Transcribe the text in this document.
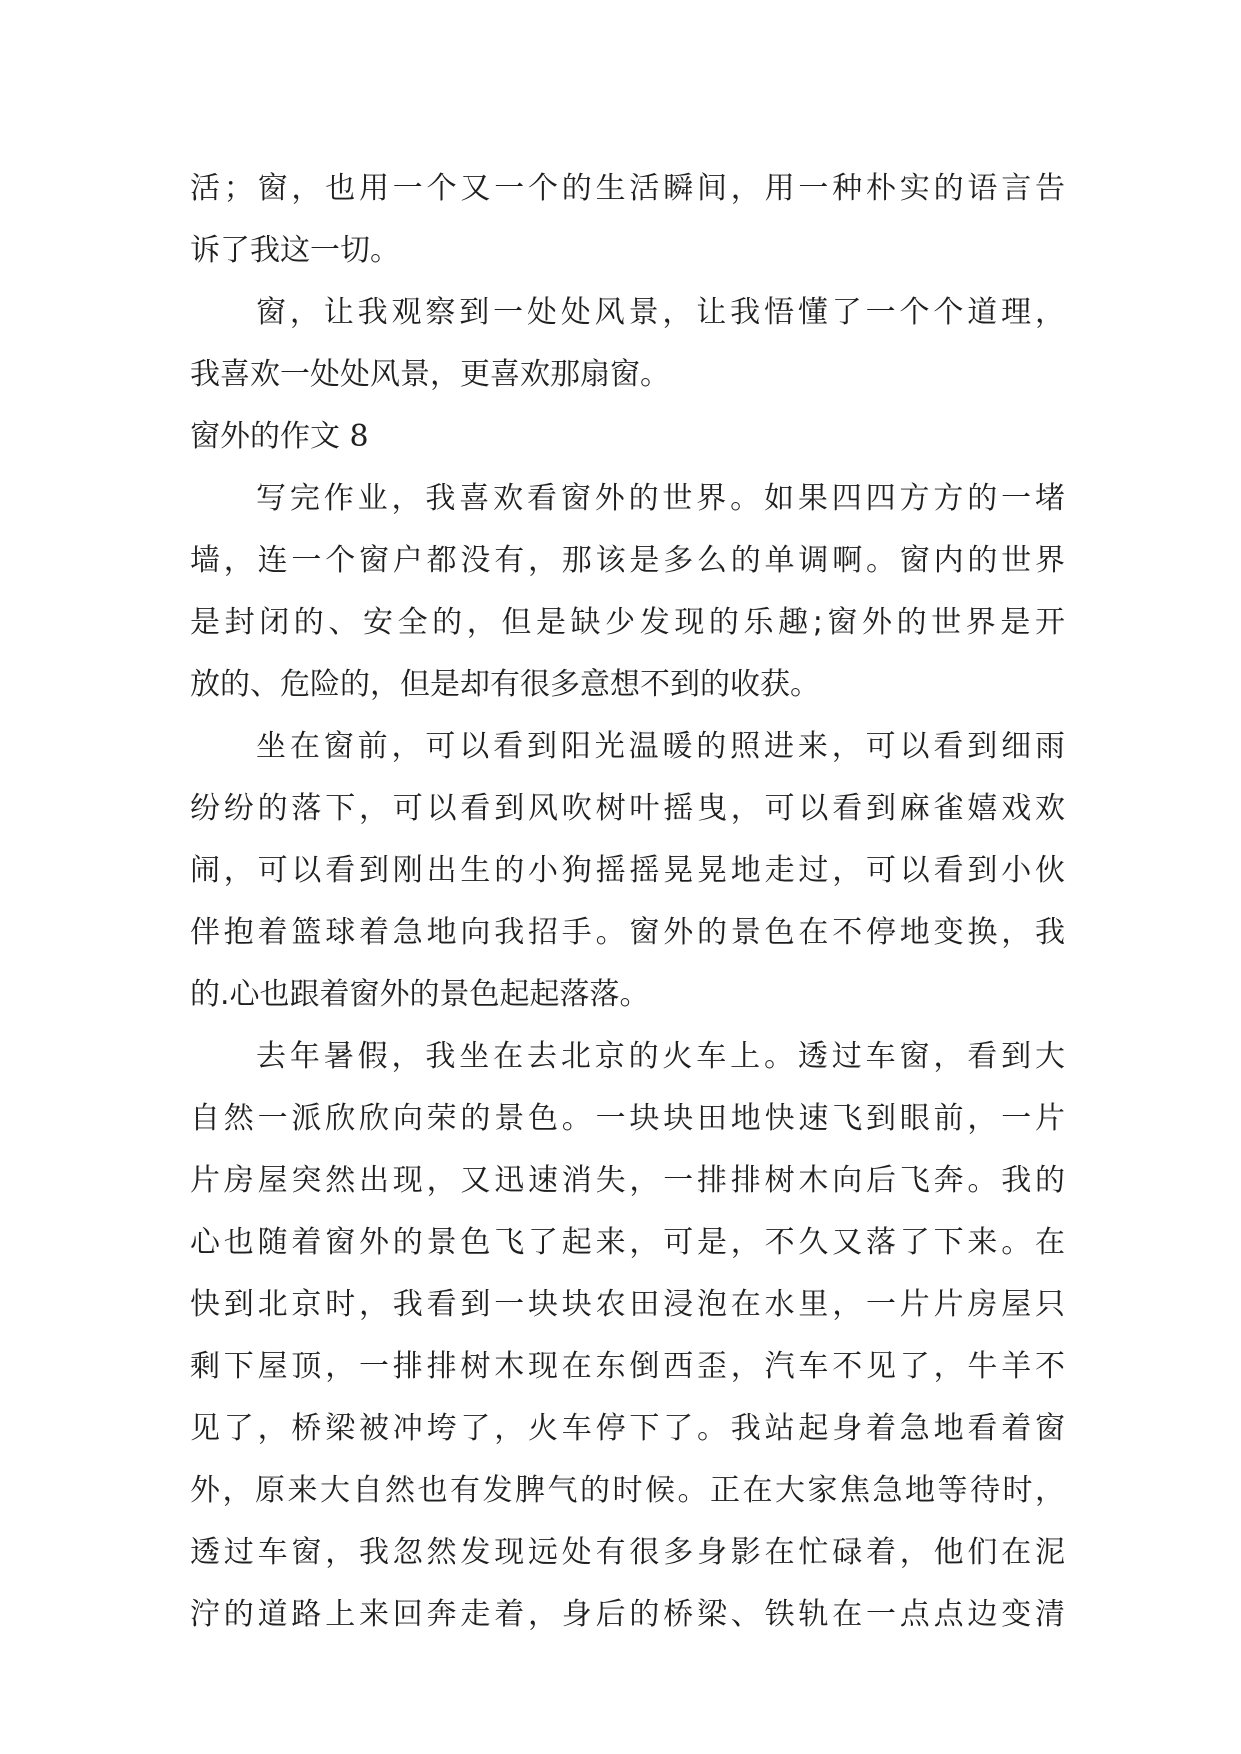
活；窗，也用一个又一个的生活瞬间，用一种朴实的语言告
诉了我这一切。
窗，让我观察到一处处风景，让我悟懂了一个个道理，
我喜欢一处处风景，更喜欢那扇窗。
窗外的作文 8
写完作业，我喜欢看窗外的世界。如果四四方方的一堵
墙，连一个窗户都没有，那该是多么的单调啊。窗内的世界
是封闭的、安全的，但是缺少发现的乐趣;窗外的世界是开
放的、危险的，但是却有很多意想不到的收获。
坐在窗前，可以看到阳光温暖的照进来，可以看到细雨
纷纷的落下，可以看到风吹树叶摇曳，可以看到麻雀嬉戏欢
闹，可以看到刚出生的小狗摇摇晃晃地走过，可以看到小伙
伴抱着篮球着急地向我招手。窗外的景色在不停地变换，我
的.心也跟着窗外的景色起起落落。
去年暑假，我坐在去北京的火车上。透过车窗，看到大
自然一派欣欣向荣的景色。一块块田地快速飞到眼前，一片
片房屋突然出现，又迅速消失，一排排树木向后飞奔。我的
心也随着窗外的景色飞了起来，可是，不久又落了下来。在
快到北京时，我看到一块块农田浸泡在水里，一片片房屋只
剩下屋顶，一排排树木现在东倒西歪，汽车不见了，牛羊不
见了，桥梁被冲垮了，火车停下了。我站起身着急地看着窗
外，原来大自然也有发脾气的时候。正在大家焦急地等待时，
透过车窗，我忽然发现远处有很多身影在忙碌着，他们在泥
泞的道路上来回奔走着，身后的桥梁、铁轨在一点点边变清
